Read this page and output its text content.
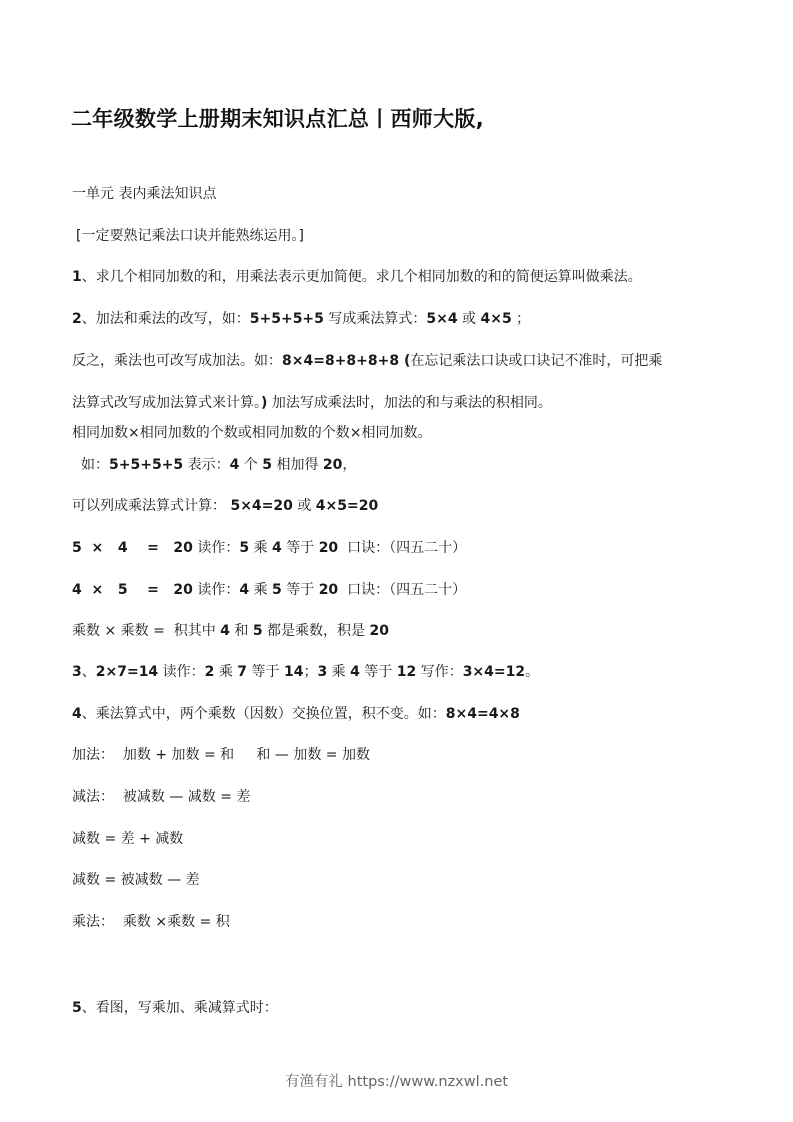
二年级数学上册期末知识点汇总丨西师大版,
一单元 表内乘法知识点
[一定要熟记乘法口诀并能熟练运用。]
1、求几个相同加数的和，用乘法表示更加简便。求几个相同加数的和的简便运算叫做乘法。
2、加法和乘法的改写，如：5+5+5+5 写成乘法算式：5×4 或 4×5 ；
反之，乘法也可改写成加法。如：8×4=8+8+8+8 (在忘记乘法口诀或口诀记不准时，可把乘
法算式改写成加法算式来计算。) 加法写成乘法时，加法的和与乘法的积相同。
相同加数×相同加数的个数或相同加数的个数×相同加数。
如：5+5+5+5 表示：4 个 5 相加得 20，
可以列成乘法算式计算： 5×4=20 或 4×5=20
5  ×   4    =   20 读作：5 乘 4 等于 20  口诀：（四五二十）
4  ×   5    =   20 读作：4 乘 5 等于 20  口诀：（四五二十）
乘数 × 乘数 =  积其中 4 和 5 都是乘数，积是 20
3、2×7=14 读作：2 乘 7 等于 14；3 乘 4 等于 12 写作：3×4=12。
4、乘法算式中，两个乘数（因数）交换位置，积不变。如：8×4=4×8
加法：  加数 + 加数 = 和     和 — 加数 = 加数
减法：  被减数 — 减数 = 差
减数 = 差 + 减数
减数 = 被减数 — 差
乘法：  乘数 ×乘数 = 积
5、看图，写乘加、乘减算式时：
有渔有礼 https://www.nzxwl.net
